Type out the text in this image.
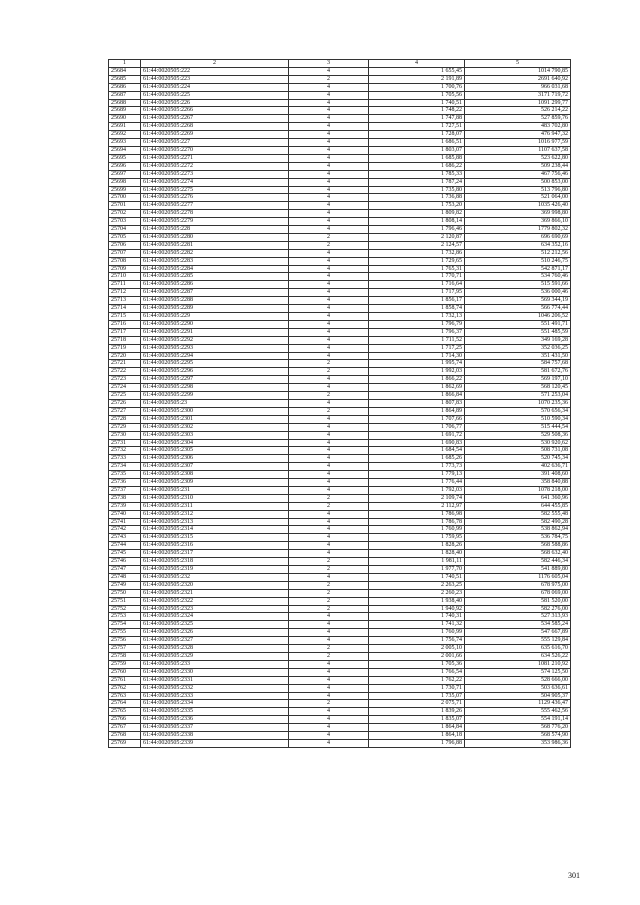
1	2	3	4	5
25684	61:44:0020505:222	4	1 655,45	1014 790,85
25685	61:44:0020505:223	2	2 191,89	2691 640,92
25686	61:44:0020505:224	4	1 700,76	966 031,68
25687	61:44:0020505:225	4	1 705,56	3171 719,72
25688	61:44:0020505:226	4	1 740,51	1091 299,77
25689	61:44:0020505:2266	4	1 748,22	526 214,22
25690	61:44:0020505:2267	4	1 747,88	527 859,76
25691	61:44:0020505:2268	4	1 727,51	483 702,80
25692	61:44:0020505:2269	4	1 728,07	476 947,32
25693	61:44:0020505:227	4	1 686,51	1016 977,59
25694	61:44:0020505:2270	4	1 803,07	1107 637,58
25695	61:44:0020505:2271	4	1 685,88	523 622,80
25696	61:44:0020505:2272	4	1 686,22	509 238,44
25697	61:44:0020505:2273	4	1 785,33	467 756,46
25698	61:44:0020505:2274	4	1 787,24	500 853,00
25699	61:44:0020505:2275	4	1 735,80	513 796,80
25700	61:44:0020505:2276	4	1 736,88	521 064,00
25701	61:44:0020505:2277	4	1 753,20	1035 426,40
25702	61:44:0020505:2278	4	1 809,82	369 998,80
25703	61:44:0020505:2279	4	1 808,14	369 866,10
25704	61:44:0020505:228	4	1 796,46	1779 802,32
25705	61:44:0020505:2280	2	2 120,87	696 690,69
25706	61:44:0020505:2281	2	2 124,57	634 352,16
25707	61:44:0020505:2282	4	1 732,86	512 212,56
25708	61:44:0020505:2283	4	1 729,65	510 246,75
25709	61:44:0020505:2284	4	1 765,31	542 871,17
25710	61:44:0020505:2285	4	1 770,71	534 760,46
25711	61:44:0020505:2286	4	1 716,64	515 591,66
25712	61:44:0020505:2287	4	1 717,95	536 000,46
25713	61:44:0020505:2288	4	1 856,17	569 344,19
25714	61:44:0020505:2289	4	1 858,74	566 774,44
25715	61:44:0020505:229	4	1 732,13	1046 206,52
25716	61:44:0020505:2290	4	1 796,79	551 491,71
25717	61:44:0020505:2291	4	1 796,37	551 485,59
25718	61:44:0020505:2292	4	1 711,52	349 169,28
25719	61:44:0020505:2293	4	1 717,25	352 036,25
25720	61:44:0020505:2294	4	1 714,30	351 431,50
25721	61:44:0020505:2295	2	1 995,74	584 757,68
25722	61:44:0020505:2296	2	1 992,03	581 672,76
25723	61:44:0020505:2297	4	1 866,22	569 197,10
25724	61:44:0020505:2298	4	1 862,69	568 120,45
25725	61:44:0020505:2299	2	1 866,84	571 253,04
25726	61:44:0020505:23	4	1 807,83	1070 235,36
25727	61:44:0020505:2300	2	1 864,89	570 656,34
25728	61:44:0020505:2301	4	1 707,66	510 590,34
25729	61:44:0020505:2302	4	1 706,77	515 444,54
25730	61:44:0020505:2303	4	1 691,72	529 508,36
25731	61:44:0020505:2304	4	1 690,83	530 920,62
25732	61:44:0020505:2305	4	1 684,54	508 731,08
25733	61:44:0020505:2306	4	1 685,26	520 745,34
25734	61:44:0020505:2307	4	1 773,73	402 636,71
25735	61:44:0020505:2308	4	1 779,13	391 408,60
25736	61:44:0020505:2309	4	1 776,44	358 840,88
25737	61:44:0020505:231	4	1 792,03	1078 218,00
25738	61:44:0020505:2310	2	2 109,74	641 360,96
25739	61:44:0020505:2311	2	2 112,97	644 455,85
25740	61:44:0020505:2312	4	1 786,98	582 555,48
25741	61:44:0020505:2313	4	1 786,78	582 490,28
25742	61:44:0020505:2314	4	1 760,99	538 862,94
25743	61:44:0020505:2315	4	1 759,95	536 784,75
25744	61:44:0020505:2316	4	1 828,26	568 588,86
25745	61:44:0020505:2317	4	1 828,40	568 632,40
25746	61:44:0020505:2318	2	1 981,11	582 446,34
25747	61:44:0020505:2319	2	1 977,70	541 889,80
25748	61:44:0020505:232	4	1 740,51	1176 605,04
25749	61:44:0020505:2320	2	2 263,25	678 975,00
25750	61:44:0020505:2321	2	2 260,23	678 069,00
25751	61:44:0020505:2322	2	1 938,40	581 520,00
25752	61:44:0020505:2323	2	1 940,92	582 276,00
25753	61:44:0020505:2324	4	1 740,31	527 313,93
25754	61:44:0020505:2325	4	1 741,32	534 585,24
25755	61:44:0020505:2326	4	1 760,99	547 667,89
25756	61:44:0020505:2327	4	1 756,74	555 129,84
25757	61:44:0020505:2328	2	2 005,10	635 616,70
25758	61:44:0020505:2329	2	2 001,66	634 526,22
25759	61:44:0020505:233	4	1 705,36	1081 210,92
25760	61:44:0020505:2330	4	1 766,54	574 125,50
25761	61:44:0020505:2331	4	1 762,22	528 666,00
25762	61:44:0020505:2332	4	1 730,71	503 636,61
25763	61:44:0020505:2333	4	1 735,07	504 905,37
25764	61:44:0020505:2334	2	2 075,71	1129 436,47
25765	61:44:0020505:2335	4	1 839,26	555 462,56
25766	61:44:0020505:2336	4	1 835,07	554 191,14
25767	61:44:0020505:2337	4	1 864,84	568 776,20
25768	61:44:0020505:2338	4	1 864,18	568 574,90
25769	61:44:0020505:2339	4	1 796,88	353 986,36
301
